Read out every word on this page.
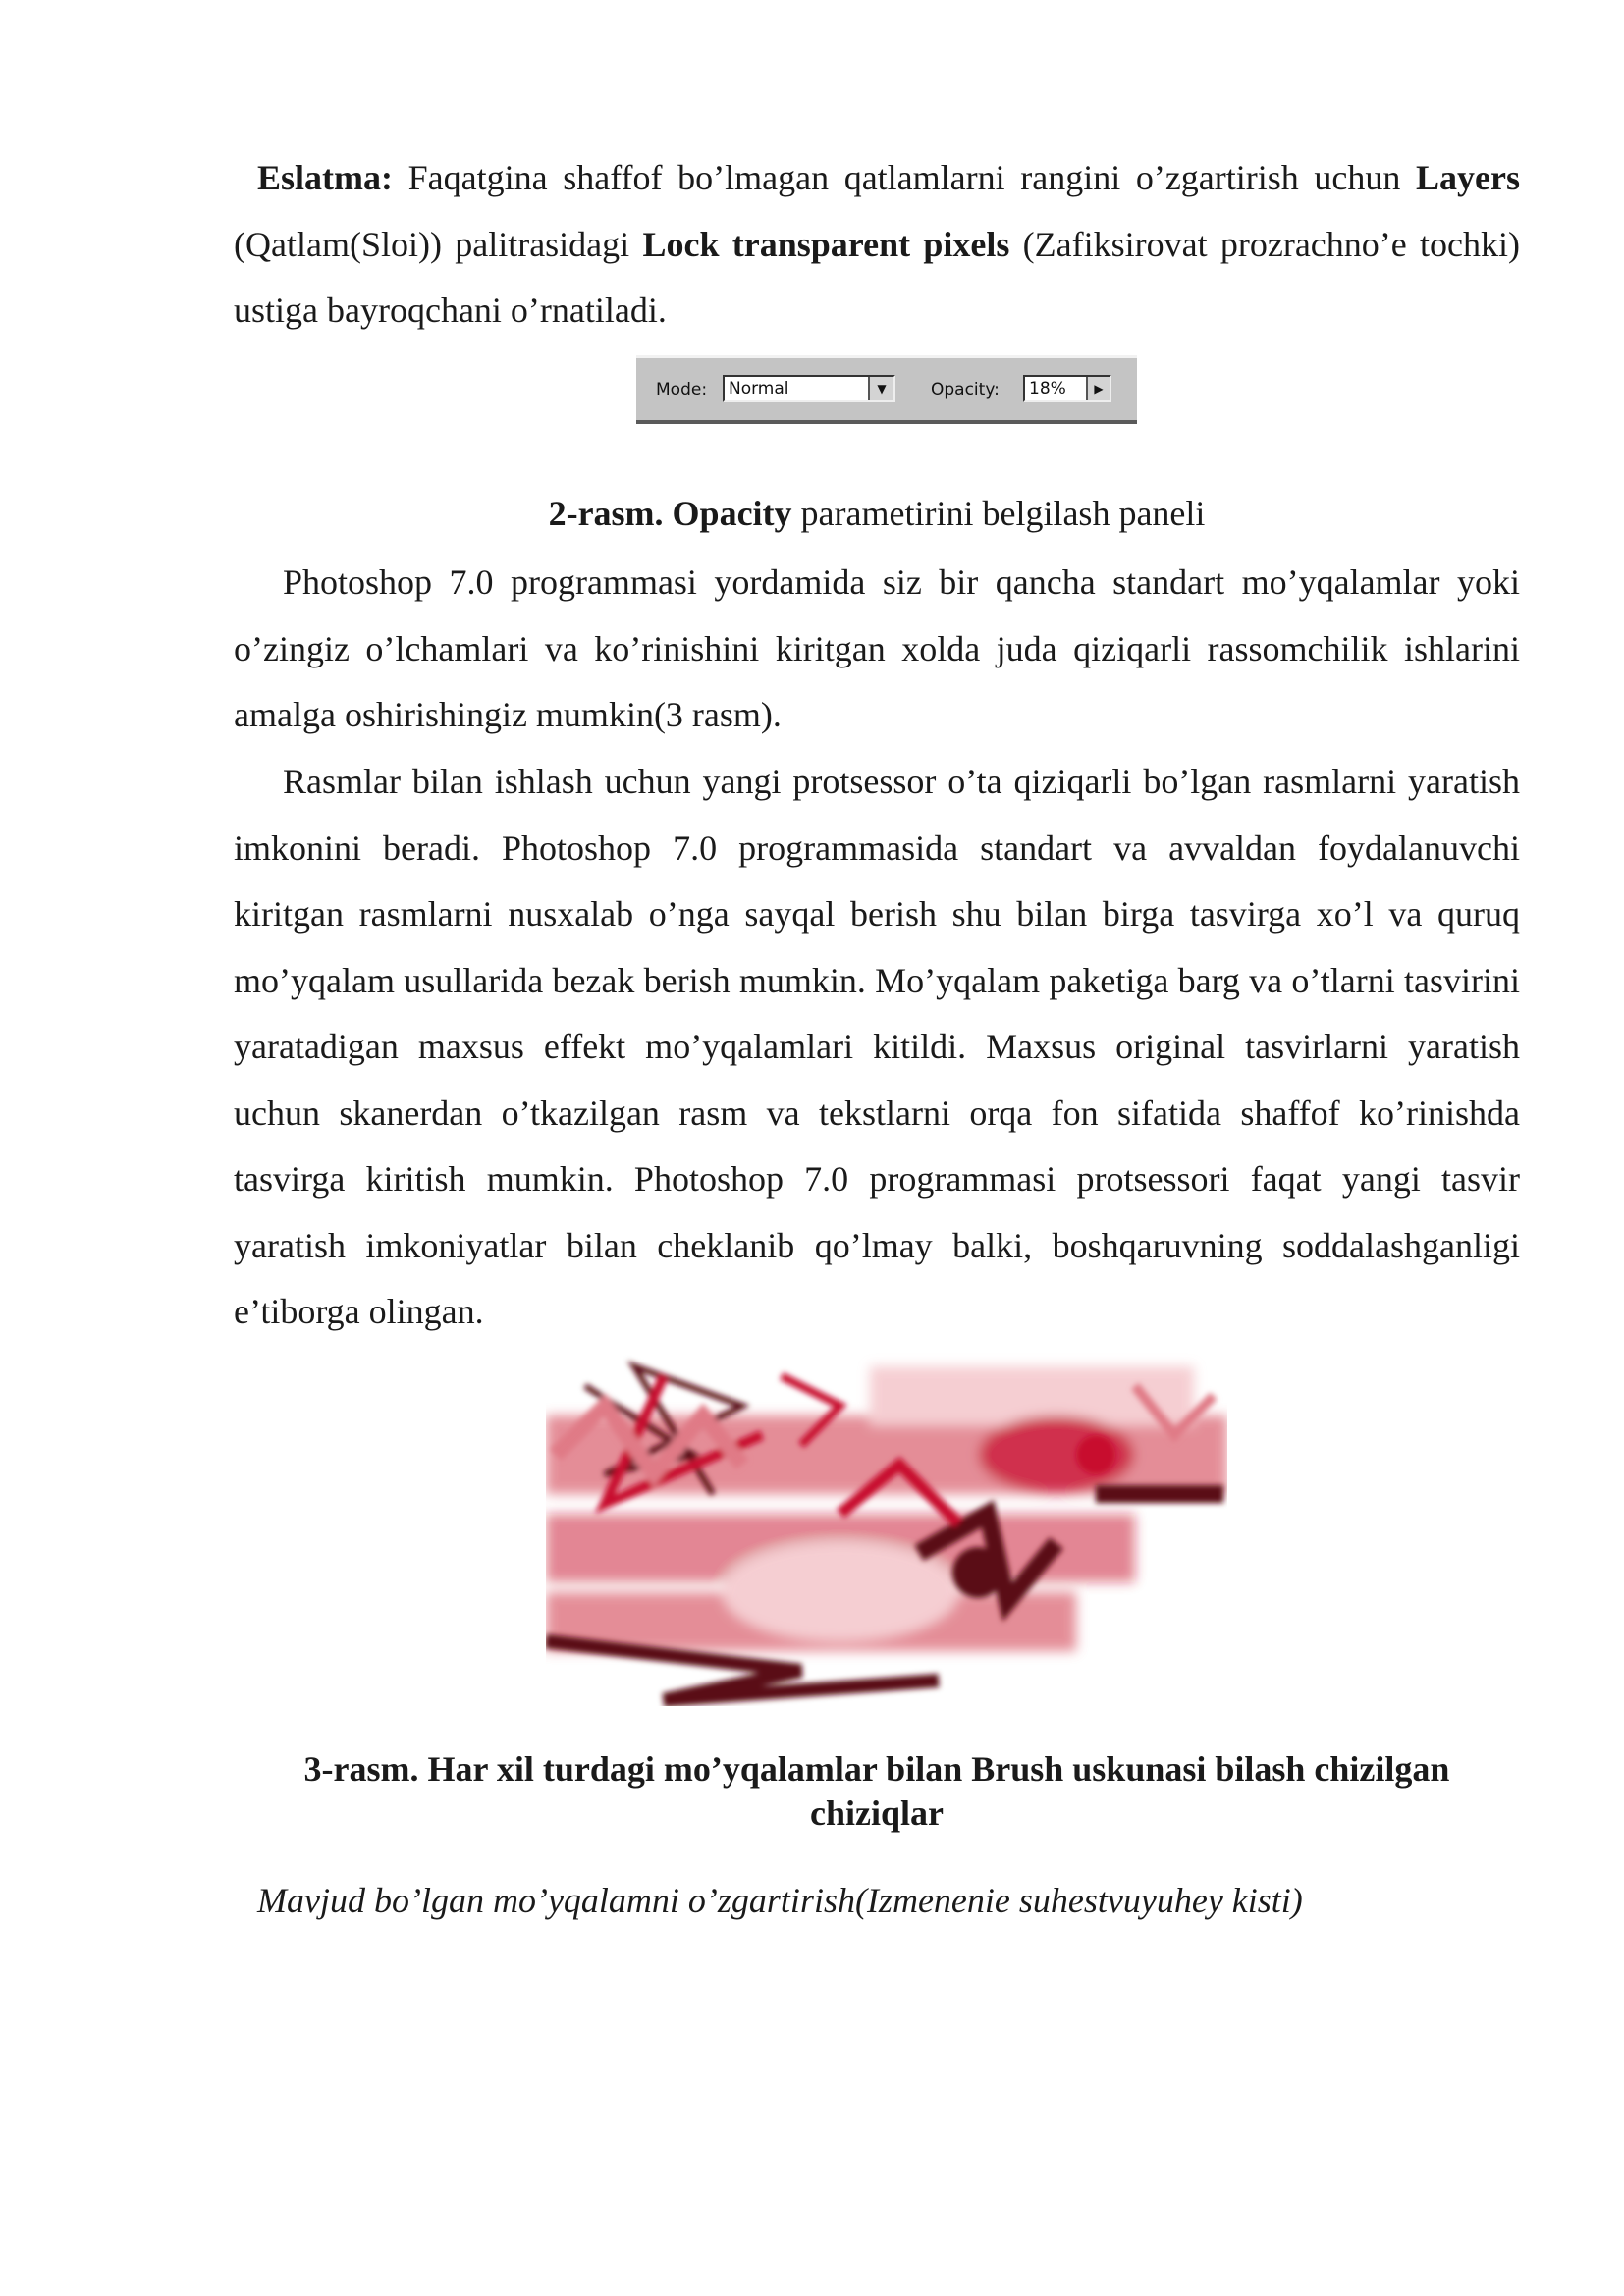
Eslatma: Faqatgina shaffof bo’lmagan qatlamlarni rangini o’zgartirish uchun Layers (Qatlam(Sloi)) palitrasidagi Lock transparent pixels (Zafiksirovat prozrachno’e tochki) ustiga bayroqchani o’rnatiladi.

Mode:	Normal	▼	Opacity:	18%	▶
2-rasm. Opacity parametirini belgilash paneli

Photoshop 7.0 programmasi yordamida siz bir qancha standart mo’yqalamlar yoki o’zingiz o’lchamlari va ko’rinishini kiritgan xolda juda qiziqarli rassomchilik ishlarini amalga oshirishingiz mumkin(3 rasm).

Rasmlar bilan ishlash uchun yangi protsessor o’ta qiziqarli bo’lgan rasmlarni yaratish imkonini beradi. Photoshop 7.0 programmasida standart va avvaldan foydalanuvchi kiritgan rasmlarni nusxalab o’nga sayqal berish shu bilan birga tasvirga xo’l va quruq mo’yqalam usullarida bezak berish mumkin. Mo’yqalam paketiga barg va o’tlarni tasvirini yaratadigan maxsus effekt mo’yqalamlari kitildi. Maxsus original tasvirlarni yaratish uchun skanerdan o’tkazilgan rasm va tekstlarni orqa fon sifatida shaffof ko’rinishda tasvirga kiritish mumkin. Photoshop 7.0 programmasi protsessori faqat yangi tasvir yaratish imkoniyatlar bilan cheklanib qo’lmay balki, boshqaruvning soddalashganligi e’tiborga olingan.

3-rasm. Har xil turdagi mo’yqalamlar bilan Brush uskunasi bilash chizilgan
chiziqlar
Mavjud bo’lgan mo’yqalamni o’zgartirish(Izmenenie suhestvuyuhey kisti)
